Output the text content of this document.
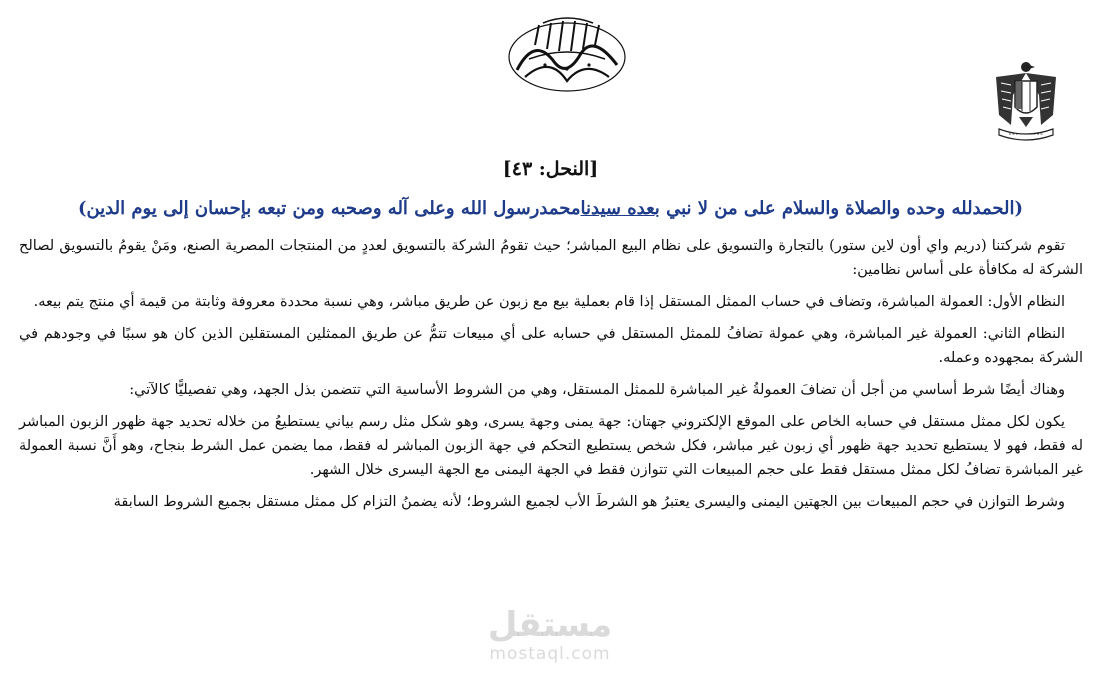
[النحل: ٤٣]
(الحمدلله وحده والصلاة والسلام على من لا نبي بعده سيدنامحمدرسول الله وعلى آله وصحبه ومن تبعه بإحسان إلى يوم الدين)

تقوم شركتنا (دريم واي أون لاين ستور) بالتجارة والتسويق على نظام البيع المباشر؛ حيث تقومُ الشركة بالتسويق لعددٍ من المنتجات المصرية الصنع، ومَنْ يقومُ بالتسويق لصالح الشركة له مكافأة على أساس نظامين:

النظام الأول: العمولة المباشرة، وتضاف في حساب الممثل المستقل إذا قام بعملية بيع مع زبون عن طريق مباشر، وهي نسبة محددة معروفة وثابتة من قيمة أي منتج يتم بيعه.

النظام الثاني: العمولة غير المباشرة، وهي عمولة تضافُ للممثل المستقل في حسابه على أي مبيعات تتمُّ عن طريق الممثلين المستقلين الذين كان هو سببًا في وجودهم في الشركة بمجهوده وعمله.

وهناك أيضًا شرط أساسي من أجل أن تضافَ العمولةُ غير المباشرة للممثل المستقل، وهي من الشروط الأساسية التي تتضمن بذل الجهد، وهي تفصيليًّا كالآتي:

يكون لكل ممثل مستقل في حسابه الخاص على الموقع الإلكتروني جهتان: جهة يمنى وجهة يسرى، وهو شكل مثل رسم بياني يستطيعُ من خلاله تحديد جهة ظهور الزبون المباشر له فقط، فهو لا يستطيع تحديد جهة ظهور أي زبون غير مباشر، فكل شخص يستطيع التحكم في جهة الزبون المباشر له فقط، مما يضمن عمل الشرط بنجاح، وهو أَنَّ نسبة العمولة غير المباشرة تضافُ لكل ممثل مستقل فقط على حجم المبيعات التي تتوازن فقط في الجهة اليمنى مع الجهة اليسرى خلال الشهر.

وشرط التوازن في حجم المبيعات بين الجهتين اليمنى واليسرى يعتبرُ هو الشرطَ الأب لجميع الشروط؛ لأنه يضمنُ التزام كل ممثل مستقل بجميع الشروط السابقة

مستقل
mostaql.com
